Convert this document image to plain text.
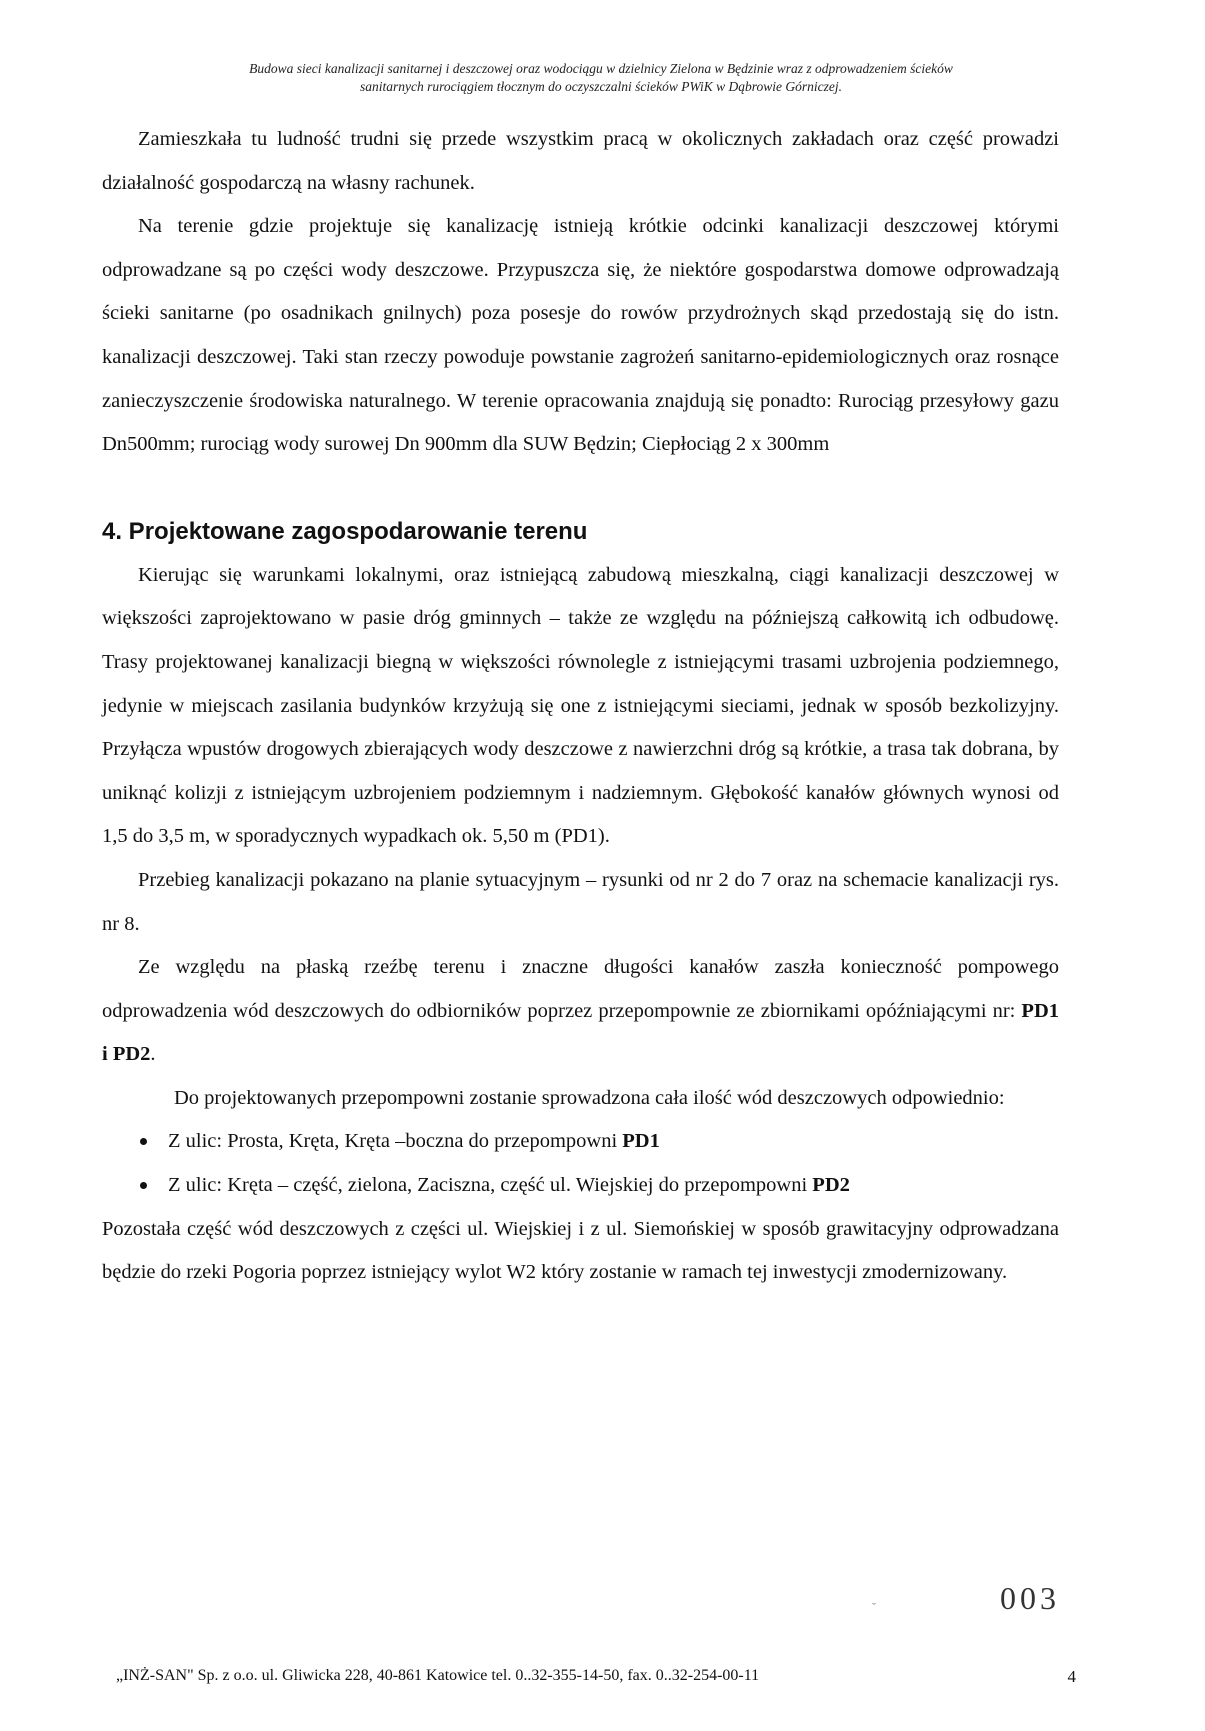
Budowa sieci kanalizacji sanitarnej i deszczowej oraz wodociągu w dzielnicy Zielona w Będzinie wraz z odprowadzeniem ścieków
sanitarnych rurociągiem tłocznym do oczyszczalni ścieków PWiK w Dąbrowie Górniczej.

Zamieszkała tu ludność trudni się przede wszystkim pracą w okolicznych zakładach oraz część prowadzi działalność gospodarczą na własny rachunek.

Na terenie gdzie projektuje się kanalizację istnieją krótkie odcinki kanalizacji deszczowej którymi odprowadzane są po części wody deszczowe. Przypuszcza się, że niektóre gospodarstwa domowe odprowadzają ścieki sanitarne (po osadnikach gnilnych) poza posesje do rowów przydrożnych skąd przedostają się do istn. kanalizacji deszczowej. Taki stan rzeczy powoduje powstanie zagrożeń sanitarno-epidemiologicznych oraz rosnące zanieczyszczenie środowiska naturalnego. W terenie opracowania znajdują się ponadto: Rurociąg przesyłowy gazu Dn500mm; rurociąg wody surowej Dn 900mm dla SUW Będzin; Ciepłociąg 2 x 300mm

4. Projektowane zagospodarowanie terenu

Kierując się warunkami lokalnymi, oraz istniejącą zabudową mieszkalną, ciągi kanalizacji deszczowej w większości zaprojektowano w pasie dróg gminnych – także ze względu na późniejszą całkowitą ich odbudowę. Trasy projektowanej kanalizacji biegną w większości równolegle z istniejącymi trasami uzbrojenia podziemnego, jedynie w miejscach zasilania budynków krzyżują się one z istniejącymi sieciami, jednak w sposób bezkolizyjny. Przyłącza wpustów drogowych zbierających wody deszczowe z nawierzchni dróg są krótkie, a trasa tak dobrana, by uniknąć kolizji z istniejącym uzbrojeniem podziemnym i nadziemnym. Głębokość kanałów głównych wynosi od 1,5 do 3,5 m, w sporadycznych wypadkach ok. 5,50 m (PD1).

Przebieg kanalizacji pokazano na planie sytuacyjnym – rysunki od nr 2 do 7 oraz na schemacie kanalizacji rys. nr 8.

Ze względu na płaską rzeźbę terenu i znaczne długości kanałów zaszła konieczność pompowego odprowadzenia wód deszczowych do odbiorników poprzez przepompownie ze zbiornikami opóźniającymi nr: PD1 i PD2.

Do projektowanych przepompowni zostanie sprowadzona cała ilość wód deszczowych odpowiednio:

Z ulic: Prosta, Kręta, Kręta –boczna do przepompowni PD1
Z ulic: Kręta – część, zielona, Zaciszna, część ul. Wiejskiej do przepompowni PD2

Pozostała część wód deszczowych z części ul. Wiejskiej i z ul. Siemońskiej w sposób grawitacyjny odprowadzana będzie do rzeki Pogoria poprzez istniejący wylot W2 który zostanie w ramach tej inwestycji zmodernizowany.

˘	003
„INŻ-SAN" Sp. z o.o. ul. Gliwicka 228, 40-861 Katowice tel. 0..32-355-14-50, fax. 0..32-254-00-11	4
